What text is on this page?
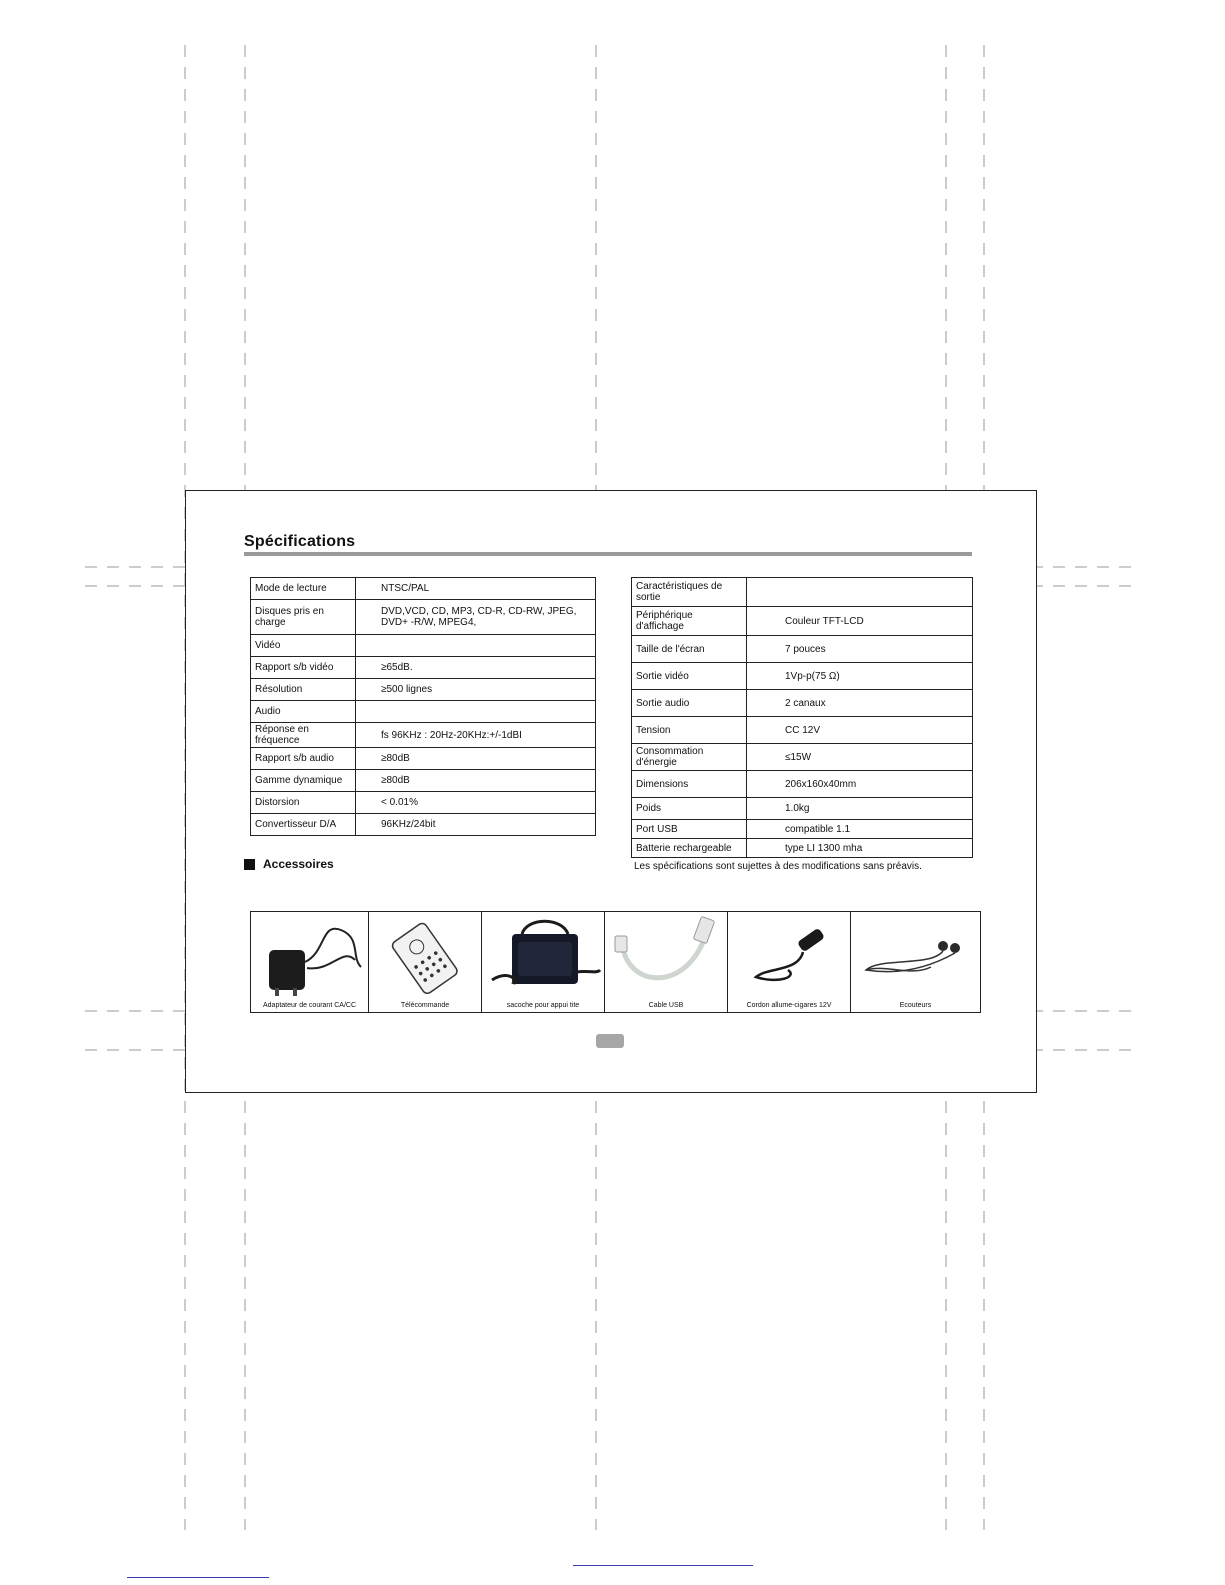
Spécifications
Mode de lecture	NTSC/PAL
Disques pris en charge	DVD,VCD, CD, MP3, CD-R, CD-RW, JPEG, DVD+ -R/W, MPEG4,
Vidéo	
Rapport s/b vidéo	≥65dB.
Résolution	≥500 lignes
Audio	
Réponse en fréquence	fs 96KHz : 20Hz-20KHz:+/-1dBI
Rapport s/b audio	≥80dB
Gamme dynamique	≥80dB
Distorsion	< 0.01%
Convertisseur D/A	96KHz/24bit
Caractéristiques de sortie	
Périphérique d'affichage	Couleur TFT-LCD
Taille de l'écran	7 pouces
Sortie vidéo	1Vp-p(75 Ω)
Sortie audio	2 canaux
Tension	CC 12V
Consommation d'énergie	≤15W
Dimensions	206x160x40mm
Poids	1.0kg
Port USB	compatible 1.1
Batterie rechargeable	type LI 1300 mha
Accessoires	Les spécifications sont sujettes à des modifications sans préavis.
Adaptateur de courant CA/CC	Télécommande	sacoche pour appui tite	Cable USB	Cordon allume-cigares 12V	Ecouteurs
